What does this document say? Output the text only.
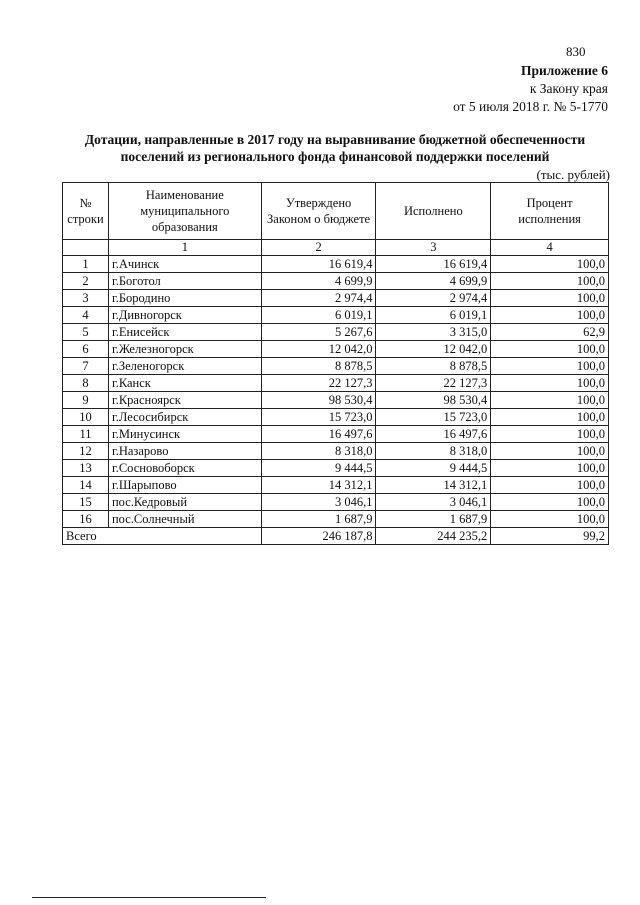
830
Приложение 6
к Закону края
от 5 июля 2018 г. № 5-1770
Дотации, направленные в 2017 году на выравнивание бюджетной обеспеченности
поселений из регионального фонда финансовой поддержки поселений
(тыс. рублей)
№ строки	Наименование муниципального образования	Утверждено Законом о бюджете	Исполнено	Процент исполнения
	1	2	3	4
1	г.Ачинск	16 619,4	16 619,4	100,0
2	г.Боготол	4 699,9	4 699,9	100,0
3	г.Бородино	2 974,4	2 974,4	100,0
4	г.Дивногорск	6 019,1	6 019,1	100,0
5	г.Енисейск	5 267,6	3 315,0	62,9
6	г.Железногорск	12 042,0	12 042,0	100,0
7	г.Зеленогорск	8 878,5	8 878,5	100,0
8	г.Канск	22 127,3	22 127,3	100,0
9	г.Красноярск	98 530,4	98 530,4	100,0
10	г.Лесосибирск	15 723,0	15 723,0	100,0
11	г.Минусинск	16 497,6	16 497,6	100,0
12	г.Назарово	8 318,0	8 318,0	100,0
13	г.Сосновоборск	9 444,5	9 444,5	100,0
14	г.Шарыпово	14 312,1	14 312,1	100,0
15	пос.Кедровый	3 046,1	3 046,1	100,0
16	пос.Солнечный	1 687,9	1 687,9	100,0
Всего		246 187,8	244 235,2	99,2
